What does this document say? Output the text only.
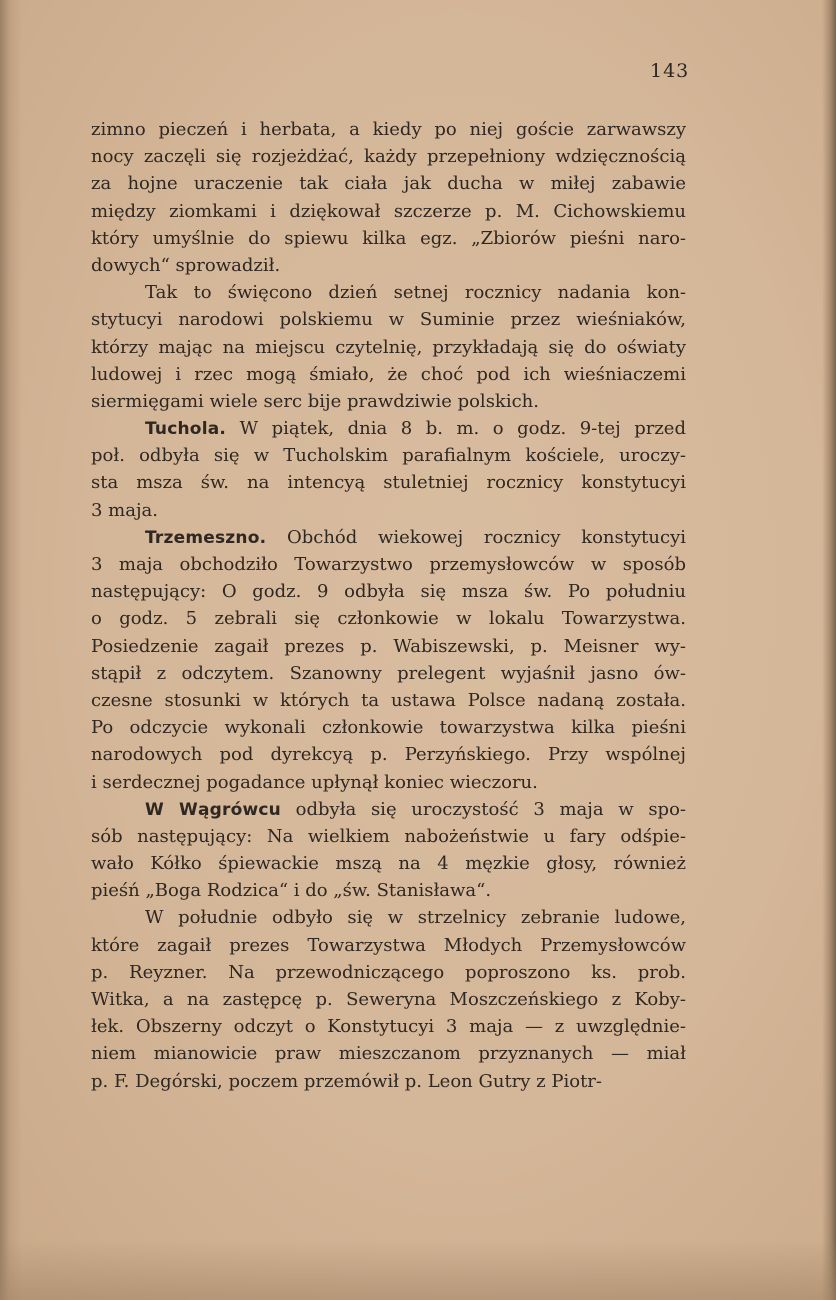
143
zimno pieczeń i herbata, a kiedy po niej goście zarwawszy
nocy zaczęli się rozjeżdżać, każdy przepełniony wdzięcznością
za hojne uraczenie tak ciała jak ducha w miłej zabawie
między ziomkami i dziękował szczerze p. M. Cichowskiemu
który umyślnie do spiewu kilka egz. „Zbiorów pieśni naro-
dowych“ sprowadził.
Tak to święcono dzień setnej rocznicy nadania kon-
stytucyi narodowi polskiemu w Suminie przez wieśniaków,
którzy mając na miejscu czytelnię, przykładają się do oświaty
ludowej i rzec mogą śmiało, że choć pod ich wieśniaczemi
siermięgami wiele serc bije prawdziwie polskich.
Tuchola. W piątek, dnia 8 b. m. o godz. 9-tej przed
poł. odbyła się w Tucholskim parafialnym kościele, uroczy-
sta msza św. na intencyą stuletniej rocznicy konstytucyi
3 maja.
Trzemeszno. Obchód wiekowej rocznicy konstytucyi
3 maja obchodziło Towarzystwo przemysłowców w sposób
następujący: O godz. 9 odbyła się msza św. Po południu
o godz. 5 zebrali się członkowie w lokalu Towarzystwa.
Posiedzenie zagaił prezes p. Wabiszewski, p. Meisner wy-
stąpił z odczytem. Szanowny prelegent wyjaśnił jasno ów-
czesne stosunki w których ta ustawa Polsce nadaną została.
Po odczycie wykonali członkowie towarzystwa kilka pieśni
narodowych pod dyrekcyą p. Perzyńskiego. Przy wspólnej
i serdecznej pogadance upłynął koniec wieczoru.
W Wągrówcu odbyła się uroczystość 3 maja w spo-
sób następujący: Na wielkiem nabożeństwie u fary odśpie-
wało Kółko śpiewackie mszą na 4 męzkie głosy, również
pieśń „Boga Rodzica“ i do „św. Stanisława“.
W południe odbyło się w strzelnicy zebranie ludowe,
które zagaił prezes Towarzystwa Młodych Przemysłowców
p. Reyzner. Na przewodniczącego poproszono ks. prob.
Witka, a na zastępcę p. Seweryna Moszczeńskiego z Koby-
łek. Obszerny odczyt o Konstytucyi 3 maja — z uwzględnie-
niem mianowicie praw mieszczanom przyznanych — miał
p. F. Degórski, poczem przemówił p. Leon Gutry z Piotr-
